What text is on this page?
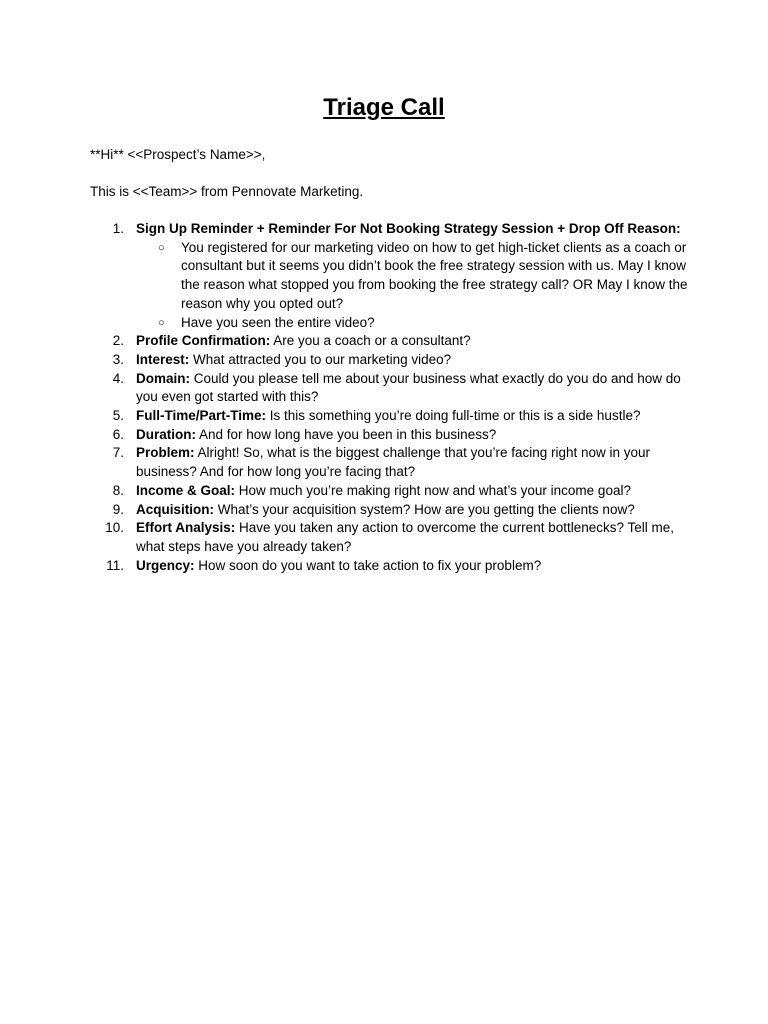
Triage Call

**Hi** <<Prospect’s Name>>,

This is <<Team>> from Pennovate Marketing.

1. Sign Up Reminder + Reminder For Not Booking Strategy Session + Drop Off Reason:
○ You registered for our marketing video on how to get high-ticket clients as a coach or consultant but it seems you didn’t book the free strategy session with us. May I know the reason what stopped you from booking the free strategy call? OR May I know the reason why you opted out?
○ Have you seen the entire video?
2. Profile Confirmation: Are you a coach or a consultant?
3. Interest: What attracted you to our marketing video?
4. Domain: Could you please tell me about your business what exactly do you do and how do you even got started with this?
5. Full-Time/Part-Time: Is this something you’re doing full-time or this is a side hustle?
6. Duration: And for how long have you been in this business?
7. Problem: Alright! So, what is the biggest challenge that you’re facing right now in your business? And for how long you’re facing that?
8. Income & Goal: How much you’re making right now and what’s your income goal?
9. Acquisition: What’s your acquisition system? How are you getting the clients now?
10. Effort Analysis: Have you taken any action to overcome the current bottlenecks? Tell me, what steps have you already taken?
11. Urgency: How soon do you want to take action to fix your problem?
